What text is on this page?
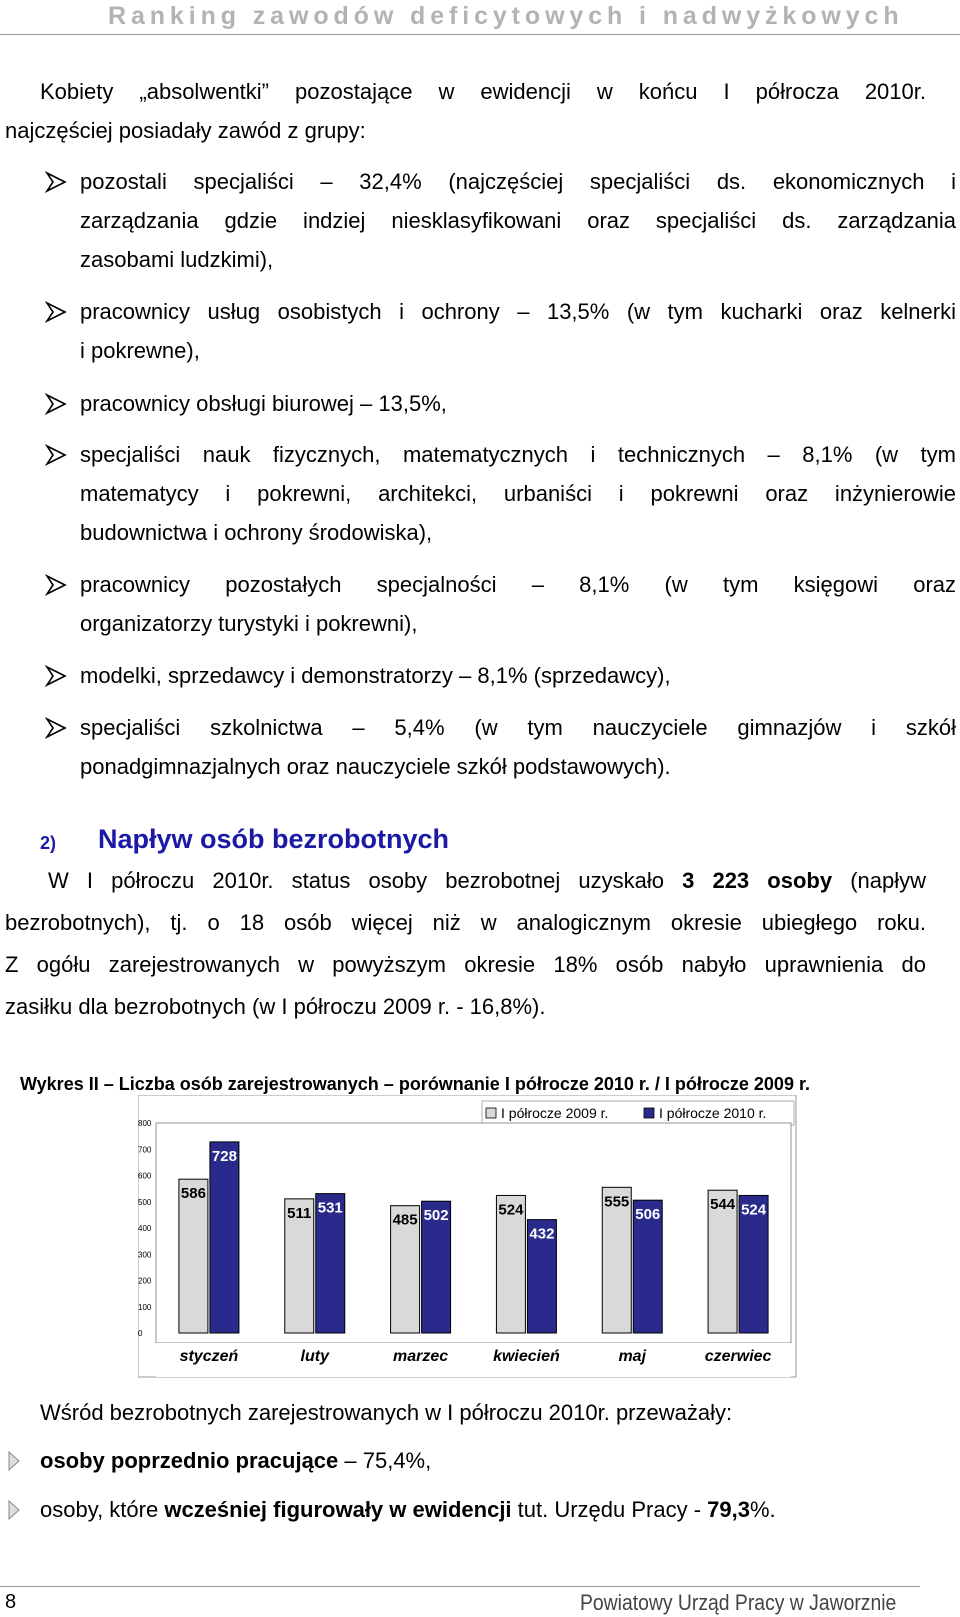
Ranking zawodów deficytowych i nadwyżkowych
Kobiety „absolwentki” pozostające w ewidencji w końcu I półrocza 2010r.
najczęściej posiadały zawód z grupy:
pozostali specjaliści – 32,4% (najczęściej specjaliści ds. ekonomicznych i
zarządzania gdzie indziej niesklasyfikowani oraz specjaliści ds. zarządzania
zasobami ludzkimi),
pracownicy usług osobistych i ochrony – 13,5% (w tym kucharki oraz kelnerki
i pokrewne),
pracownicy obsługi biurowej – 13,5%,
specjaliści nauk fizycznych, matematycznych i technicznych – 8,1% (w tym
matematycy i pokrewni, architekci, urbaniści i pokrewni oraz inżynierowie
budownictwa i ochrony środowiska),
pracownicy pozostałych specjalności – 8,1% (w tym księgowi oraz
organizatorzy turystyki i pokrewni),
modelki, sprzedawcy i demonstratorzy – 8,1% (sprzedawcy),
specjaliści szkolnictwa – 5,4% (w tym nauczyciele gimnazjów i szkół
ponadgimnazjalnych oraz nauczyciele szkół podstawowych).
2) Napływ osób bezrobotnych
W I półroczu 2010r. status osoby bezrobotnej uzyskało 3 223 osoby (napływ
bezrobotnych), tj. o 18 osób więcej niż w analogicznym okresie ubiegłego roku.
Z ogółu zarejestrowanych w powyższym okresie 18% osób nabyło uprawnienia do
zasiłku dla bezrobotnych (w I półroczu 2009 r. - 16,8%).
Wykres II – Liczba osób zarejestrowanych – porównanie I półrocze 2010 r. / I półrocze 2009 r.
I półrocze 2009 r.	I półrocze 2010 r.
0
100
200
300
400
500
600
700
800
586
728
511 531
485 502	524
432
555
506
544 524
styczeń	luty	marzec	kwiecień	maj	czerwiec
Wśród bezrobotnych zarejestrowanych w I półroczu 2010r. przeważały:
osoby poprzednio pracujące – 75,4%,
osoby, które wcześniej figurowały w ewidencji tut. Urzędu Pracy - 79,3%.
8	Powiatowy Urząd Pracy w Jaworznie
